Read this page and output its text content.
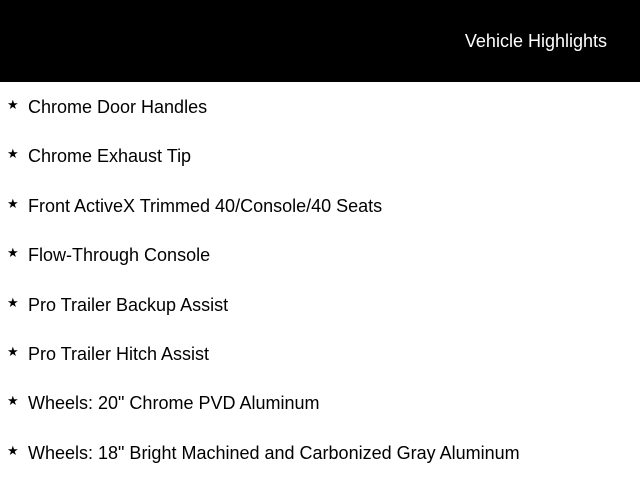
Vehicle Highlights
★ Chrome Door Handles
★ Chrome Exhaust Tip
★ Front ActiveX Trimmed 40/Console/40 Seats
★ Flow-Through Console
★ Pro Trailer Backup Assist
★ Pro Trailer Hitch Assist
★ Wheels: 20" Chrome PVD Aluminum
★ Wheels: 18" Bright Machined and Carbonized Gray Aluminum
